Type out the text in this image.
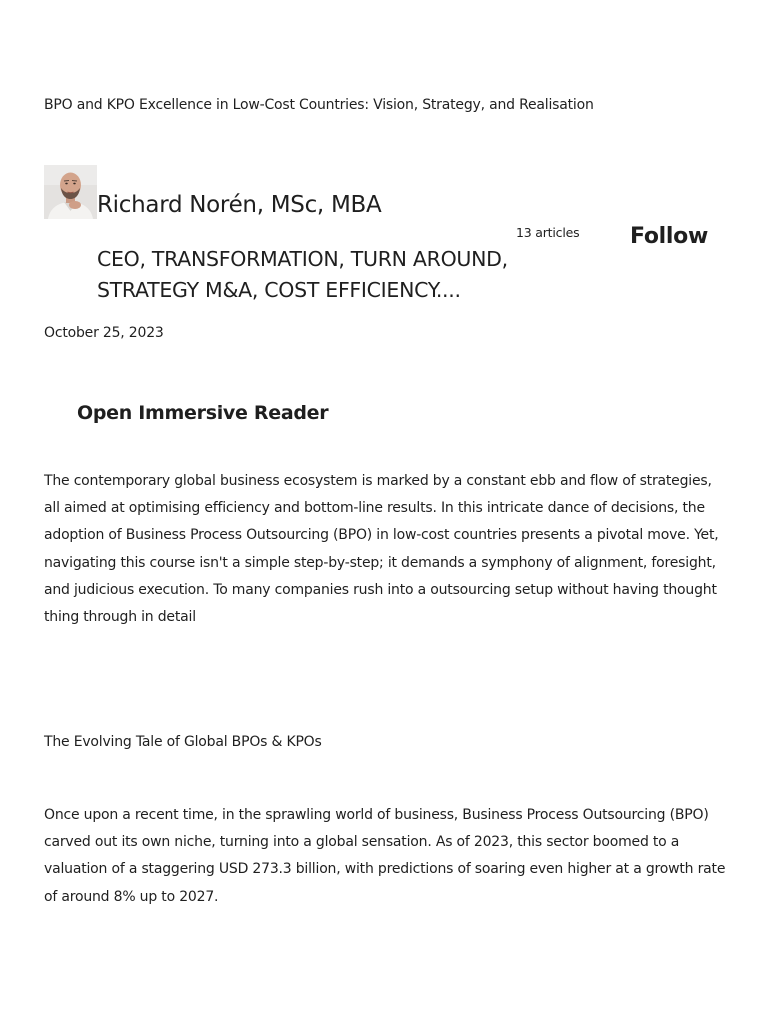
BPO and KPO Excellence in Low-Cost Countries: Vision, Strategy, and Realisation
Richard Norén, MSc, MBA
13 articles Follow
CEO, TRANSFORMATION, TURN AROUND, STRATEGY M&A, COST EFFICIENCY....
October 25, 2023
Open Immersive Reader

The contemporary global business ecosystem is marked by a constant ebb and flow of strategies, all aimed at optimising efficiency and bottom-line results. In this intricate dance of decisions, the adoption of Business Process Outsourcing (BPO) in low-cost countries presents a pivotal move. Yet, navigating this course isn't a simple step-by-step; it demands a symphony of alignment, foresight, and judicious execution. To many companies rush into a outsourcing setup without having thought thing through in detail

The Evolving Tale of Global BPOs & KPOs

Once upon a recent time, in the sprawling world of business, Business Process Outsourcing (BPO) carved out its own niche, turning into a global sensation. As of 2023, this sector boomed to a valuation of a staggering USD 273.3 billion, with predictions of soaring even higher at a growth rate of around 8% up to 2027.
